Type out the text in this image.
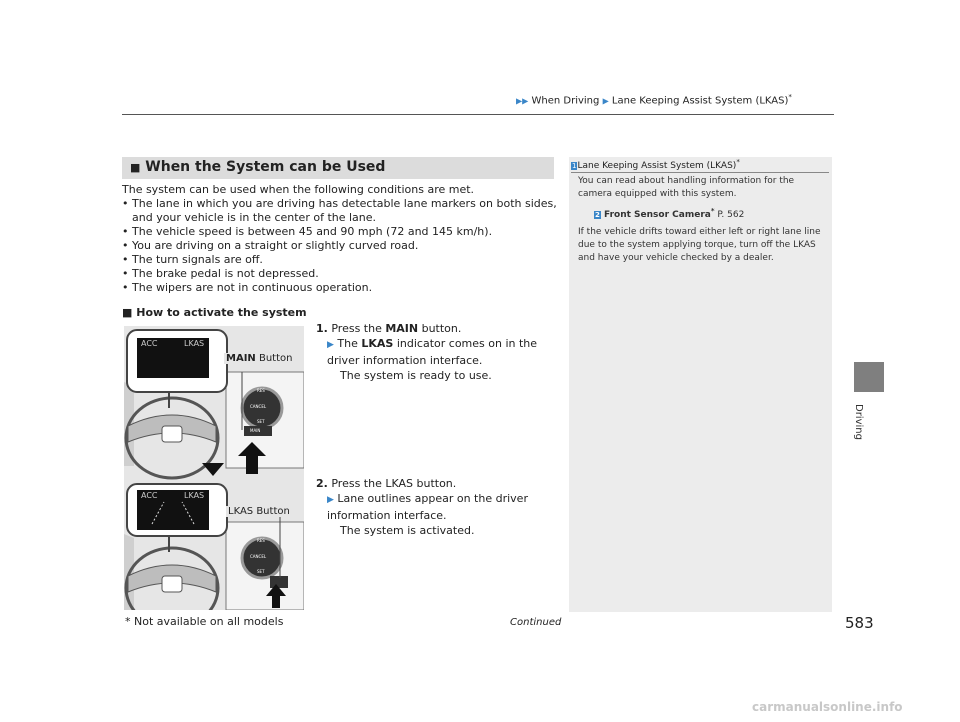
▶▶ When Driving ▶ Lane Keeping Assist System (LKAS)*
Driving
■ When the System can be Used
The system can be used when the following conditions are met.
• The lane in which you are driving has detectable lane markers on both sides, and your vehicle is in the center of the lane.
• The vehicle speed is between 45 and 90 mph (72 and 145 km/h).
• You are driving on a straight or slightly curved road.
• The turn signals are off.
• The brake pedal is not depressed.
• The wipers are not in continuous operation.
■ How to activate the system
ACC	LKAS
ACC	LKAS
RES
CANCEL
SET
MAIN
RES
CANCEL
SET
MAIN Button
LKAS Button
1. Press the MAIN button.
▶ The LKAS indicator comes on in the driver information interface.
The system is ready to use.
2. Press the LKAS button.
▶ Lane outlines appear on the driver information interface.
The system is activated.
1Lane Keeping Assist System (LKAS)*

You can read about handling information for the camera equipped with this system.

2 Front Sensor Camera* P. 562

If the vehicle drifts toward either left or right lane line due to the system applying torque, turn off the LKAS and have your vehicle checked by a dealer.

* Not available on all models	Continued	583
carmanualsonline.info
